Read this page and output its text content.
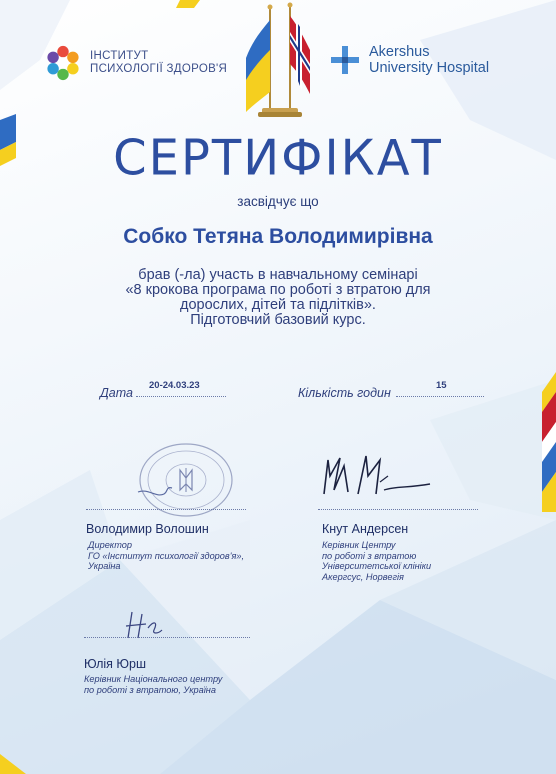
ІНСТИТУТ
ПСИХОЛОГІЇ ЗДОРОВ'Я
Akershus
University Hospital
СЕРТИФІКАТ
засвідчує що
Собко Тетяна Володимирівна
брав (-ла) участь в навчальному семінарі
«8 крокова програма по роботі з втратою для
дорослих, дітей та підлітків».
Підготовчий базовий курс.
Дата
20-24.03.23
Кількість годин
15
Володимир Волошин
Директор
ГО «Інститут психології здоров'я»,
Україна
Кнут Андерсен
Керівник Центру
по роботі з втратою
Університетської клініки
Акергсус, Норвегія
Юлія Юрш
Керівник Національного центру
по роботі з втратою, Україна
